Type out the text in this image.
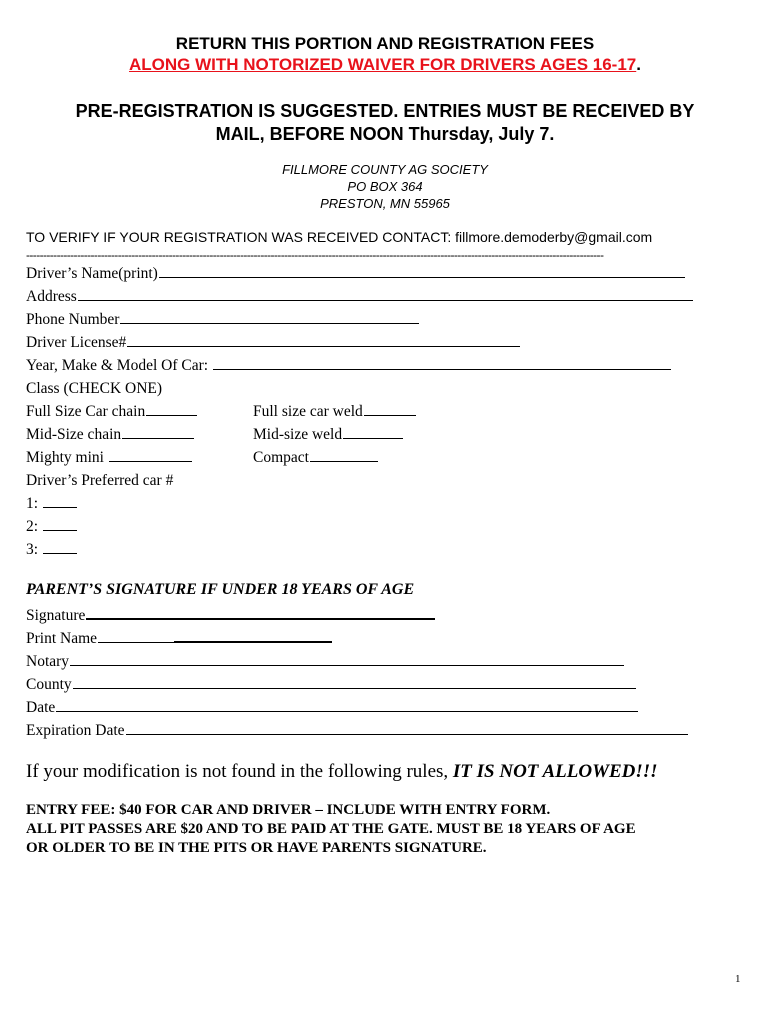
RETURN THIS PORTION AND REGISTRATION FEES
ALONG WITH NOTORIZED WAIVER FOR DRIVERS AGES 16-17.
PRE-REGISTRATION IS SUGGESTED. ENTRIES MUST BE RECEIVED BY
MAIL, BEFORE NOON Thursday, July 7.
FILLMORE COUNTY AG SOCIETY
PO BOX 364
PRESTON, MN 55965
TO VERIFY IF YOUR REGISTRATION WAS RECEIVED CONTACT: fillmore.demoderby@gmail.com
--------------------------------------------------------------------------------------------------------------------------------------------------------------------------
Driver’s Name(print)
Address
Phone Number
Driver License#
Year, Make & Model Of Car:
Class (CHECK ONE)
Full Size Car chain
Mid-Size chain
Mighty mini
Full size car weld
Mid-size weld
Compact
Driver’s Preferred car #
1:
2:
3:
PARENT’S SIGNATURE IF UNDER 18 YEARS OF AGE
Signature
Print Name
Notary
County
Date
Expiration Date
If your modification is not found in the following rules, IT IS NOT ALLOWED!!!
ENTRY FEE: $40 FOR CAR AND DRIVER – INCLUDE WITH ENTRY FORM.
ALL PIT PASSES ARE $20 AND TO BE PAID AT THE GATE. MUST BE 18 YEARS OF AGE
OR OLDER TO BE IN THE PITS OR HAVE PARENTS SIGNATURE.
1
